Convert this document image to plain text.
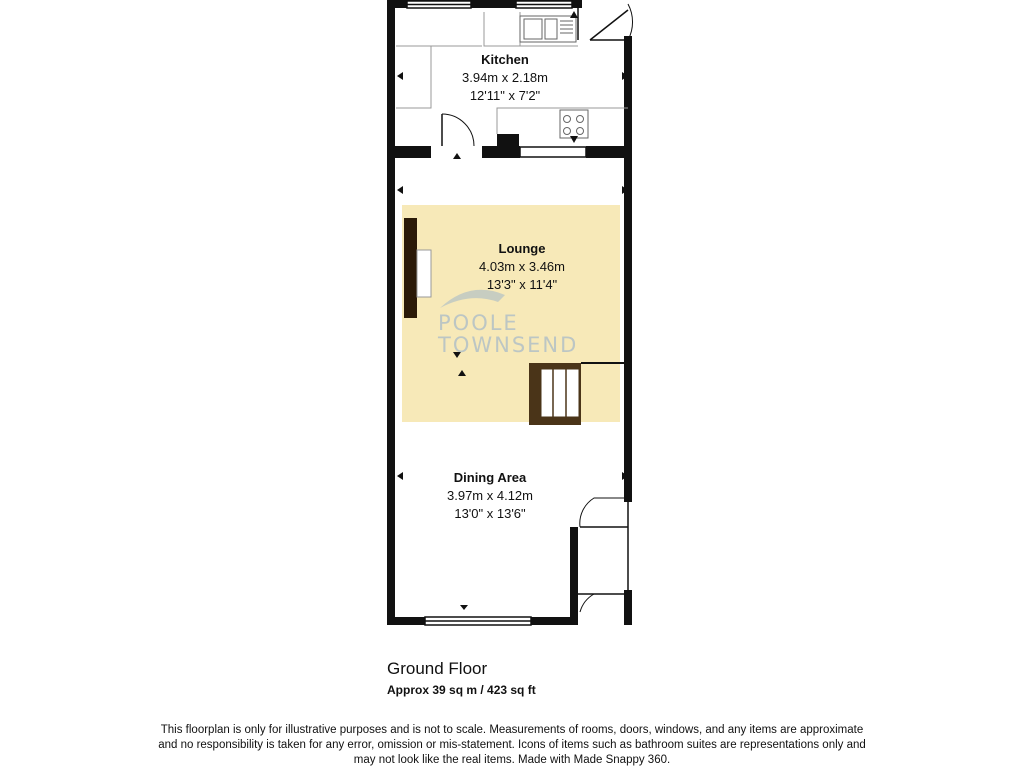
Kitchen
3.94m x 2.18m
12'11" x 7'2"
Lounge
4.03m x 3.46m
13'3" x 11'4"
POOLE
TOWNSEND
Dining Area
3.97m x 4.12m
13'0" x 13'6"
Ground Floor
Approx 39 sq m / 423 sq ft
This floorplan is only for illustrative purposes and is not to scale. Measurements of rooms, doors, windows, and any items are approximate and no responsibility is taken for any error, omission or mis-statement. Icons of items such as bathroom suites are representations only and may not look like the real items. Made with Made Snappy 360.
